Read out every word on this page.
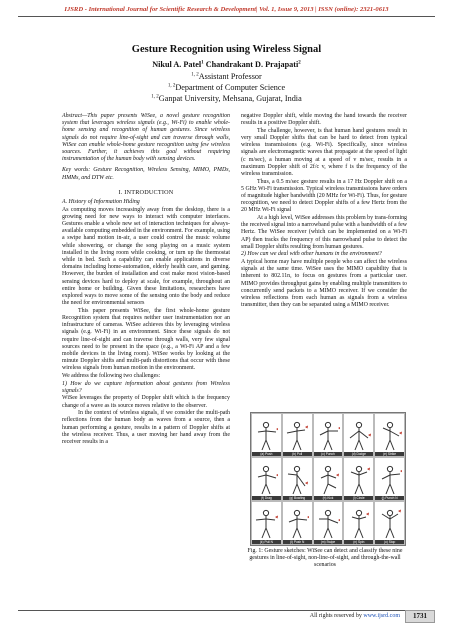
IJSRD - International Journal for Scientific Research & Development| Vol. 1, Issue 9, 2013 | ISSN (online): 2321-0613
Gesture Recognition using Wireless Signal
Nikul A. Patel$^1$ Chandrakant D. Prajapati$^2$
$^{1, 2}$Assistant Professor
$^{1, 2}$Department of Computer Science
$^{1, 2}$Ganpat University, Mehsana, Gujarat, India

Abstract—This paper presents WiSee, a novel gesture recognition system that leverages wireless signals (e.g., Wi-Fi) to enable whole-home sensing and recognition of human gestures. Since wireless signals do not require line-of-sight and can traverse through walls, WiSee can enable whole-home gesture recognition using few wireless sources. Further, it achieves this goal without requiring instrumentation of the human body with sensing devices.

Key words: Gesture Recognition, Wireless Sensing, MIMO, PMDs, HMMs, and DTW etc.

I. INTRODUCTION

A. History of Information Hiding

As computing moves increasingly away from the desktop, there is a growing need for new ways to interact with computer interfaces. Gestures enable a whole new set of interaction techniques for always-available computing embedded in the environment. For example, using a swipe hand motion in-air, a user could control the music volume while showering, or change the song playing on a music system installed in the living room while cooking, or turn up the thermostat while in bed. Such a capability can enable applications in diverse domains including home-automation, elderly health care, and gaming. However, the burden of installation and cost make most vision-based sensing devices hard to deploy at scale, for example, throughout an entire home or building. Given these limitations, researchers have explored ways to move some of the sensing onto the body and reduce the need for environmental sensors

This paper presents WiSee, the first whole-home gesture Recognition system that requires neither user instrumentation nor an infrastructure of cameras. WiSee achieves this by leveraging wireless signals (e.g. Wi-Fi) in an environment. Since these signals do not require line-of-sight and can traverse through walls, very few signal sources need to be present in the space (e.g., a Wi-Fi AP and a few mobile devices in the living room). WiSee works by looking at the minute Doppler shifts and multi-path distortions that occur with these wireless signals from human motion in the environment.

We address the following two challenges:

1) How do we capture information about gestures from Wireless signals?

WiSee leverages the property of Doppler shift which is the frequency change of a wave as its source moves relative to the observer.

In the context of wireless signals, if we consider the multi-path reflections from the human body as waves from a source, then a human performing a gesture, results in a pattern of Doppler shifts at the wireless receiver. Thus, a user moving her hand away from the receiver results in a

negative Doppler shift, while moving the hand towards the receiver results in a positive Doppler shift.

The challenge, however, is that human hand gestures result in very small Doppler shifts that can be hard to detect from typical wireless transmissions (e.g. Wi-Fi). Specifically, since wireless signals are electromagnetic waves that propagate at the speed of light (c m/sec), a human moving at a speed of v m/sec, results in a maximum Doppler shift of 2f/c v, where f is the frequency of the wireless transmission.

Thus, a 0.5 m/sec gesture results in a 17 Hz Doppler shift on a 5 GHz Wi-Fi transmission. Typical wireless transmissions have orders of magnitude higher bandwidth (20 MHz for Wi-Fi). Thus, for gesture recognition, we need to detect Doppler shifts of a few Hertz from the 20 MHz Wi-Fi signal

At a high level, WiSee addresses this problem by trans-forming the received signal into a narrowband pulse with a bandwidth of a few Hertz. The WiSee receiver (which can be implemented on a Wi-Fi AP) then tracks the frequency of this narrowband pulse to detect the small Doppler shifts resulting from human gestures.

2) How can we deal with other humans in the environment?

A typical home may have multiple people who can affect the wireless signals at the same time. WiSee uses the MIMO capability that is inherent to 802.11n, to focus on gestures from a particular user. MIMO provides throughput gains by enabling multiple transmitters to concurrently send packets to a MIMO receiver. If we consider the wireless reflections from each human as signals from a wireless transmitter, then they can be separated using a MIMO receiver.

(a) Push	(b) Pull	(c) Punch	(d) Dodge	(e) Strike
(f) Drag	(g) Bowling	(h) Kick	(i) Circle	(j) Punch N
(k) Pull N	(l) Push N	(m) Swipe	(n) Spin	(o) Stop
Fig. 1: Gesture sketches: WiSee can detect and classify these nine gestures in line-of-sight, non-line-of-sight, and through-the-wall scenarios
All rights reserved by www.ijsrd.com	1731
